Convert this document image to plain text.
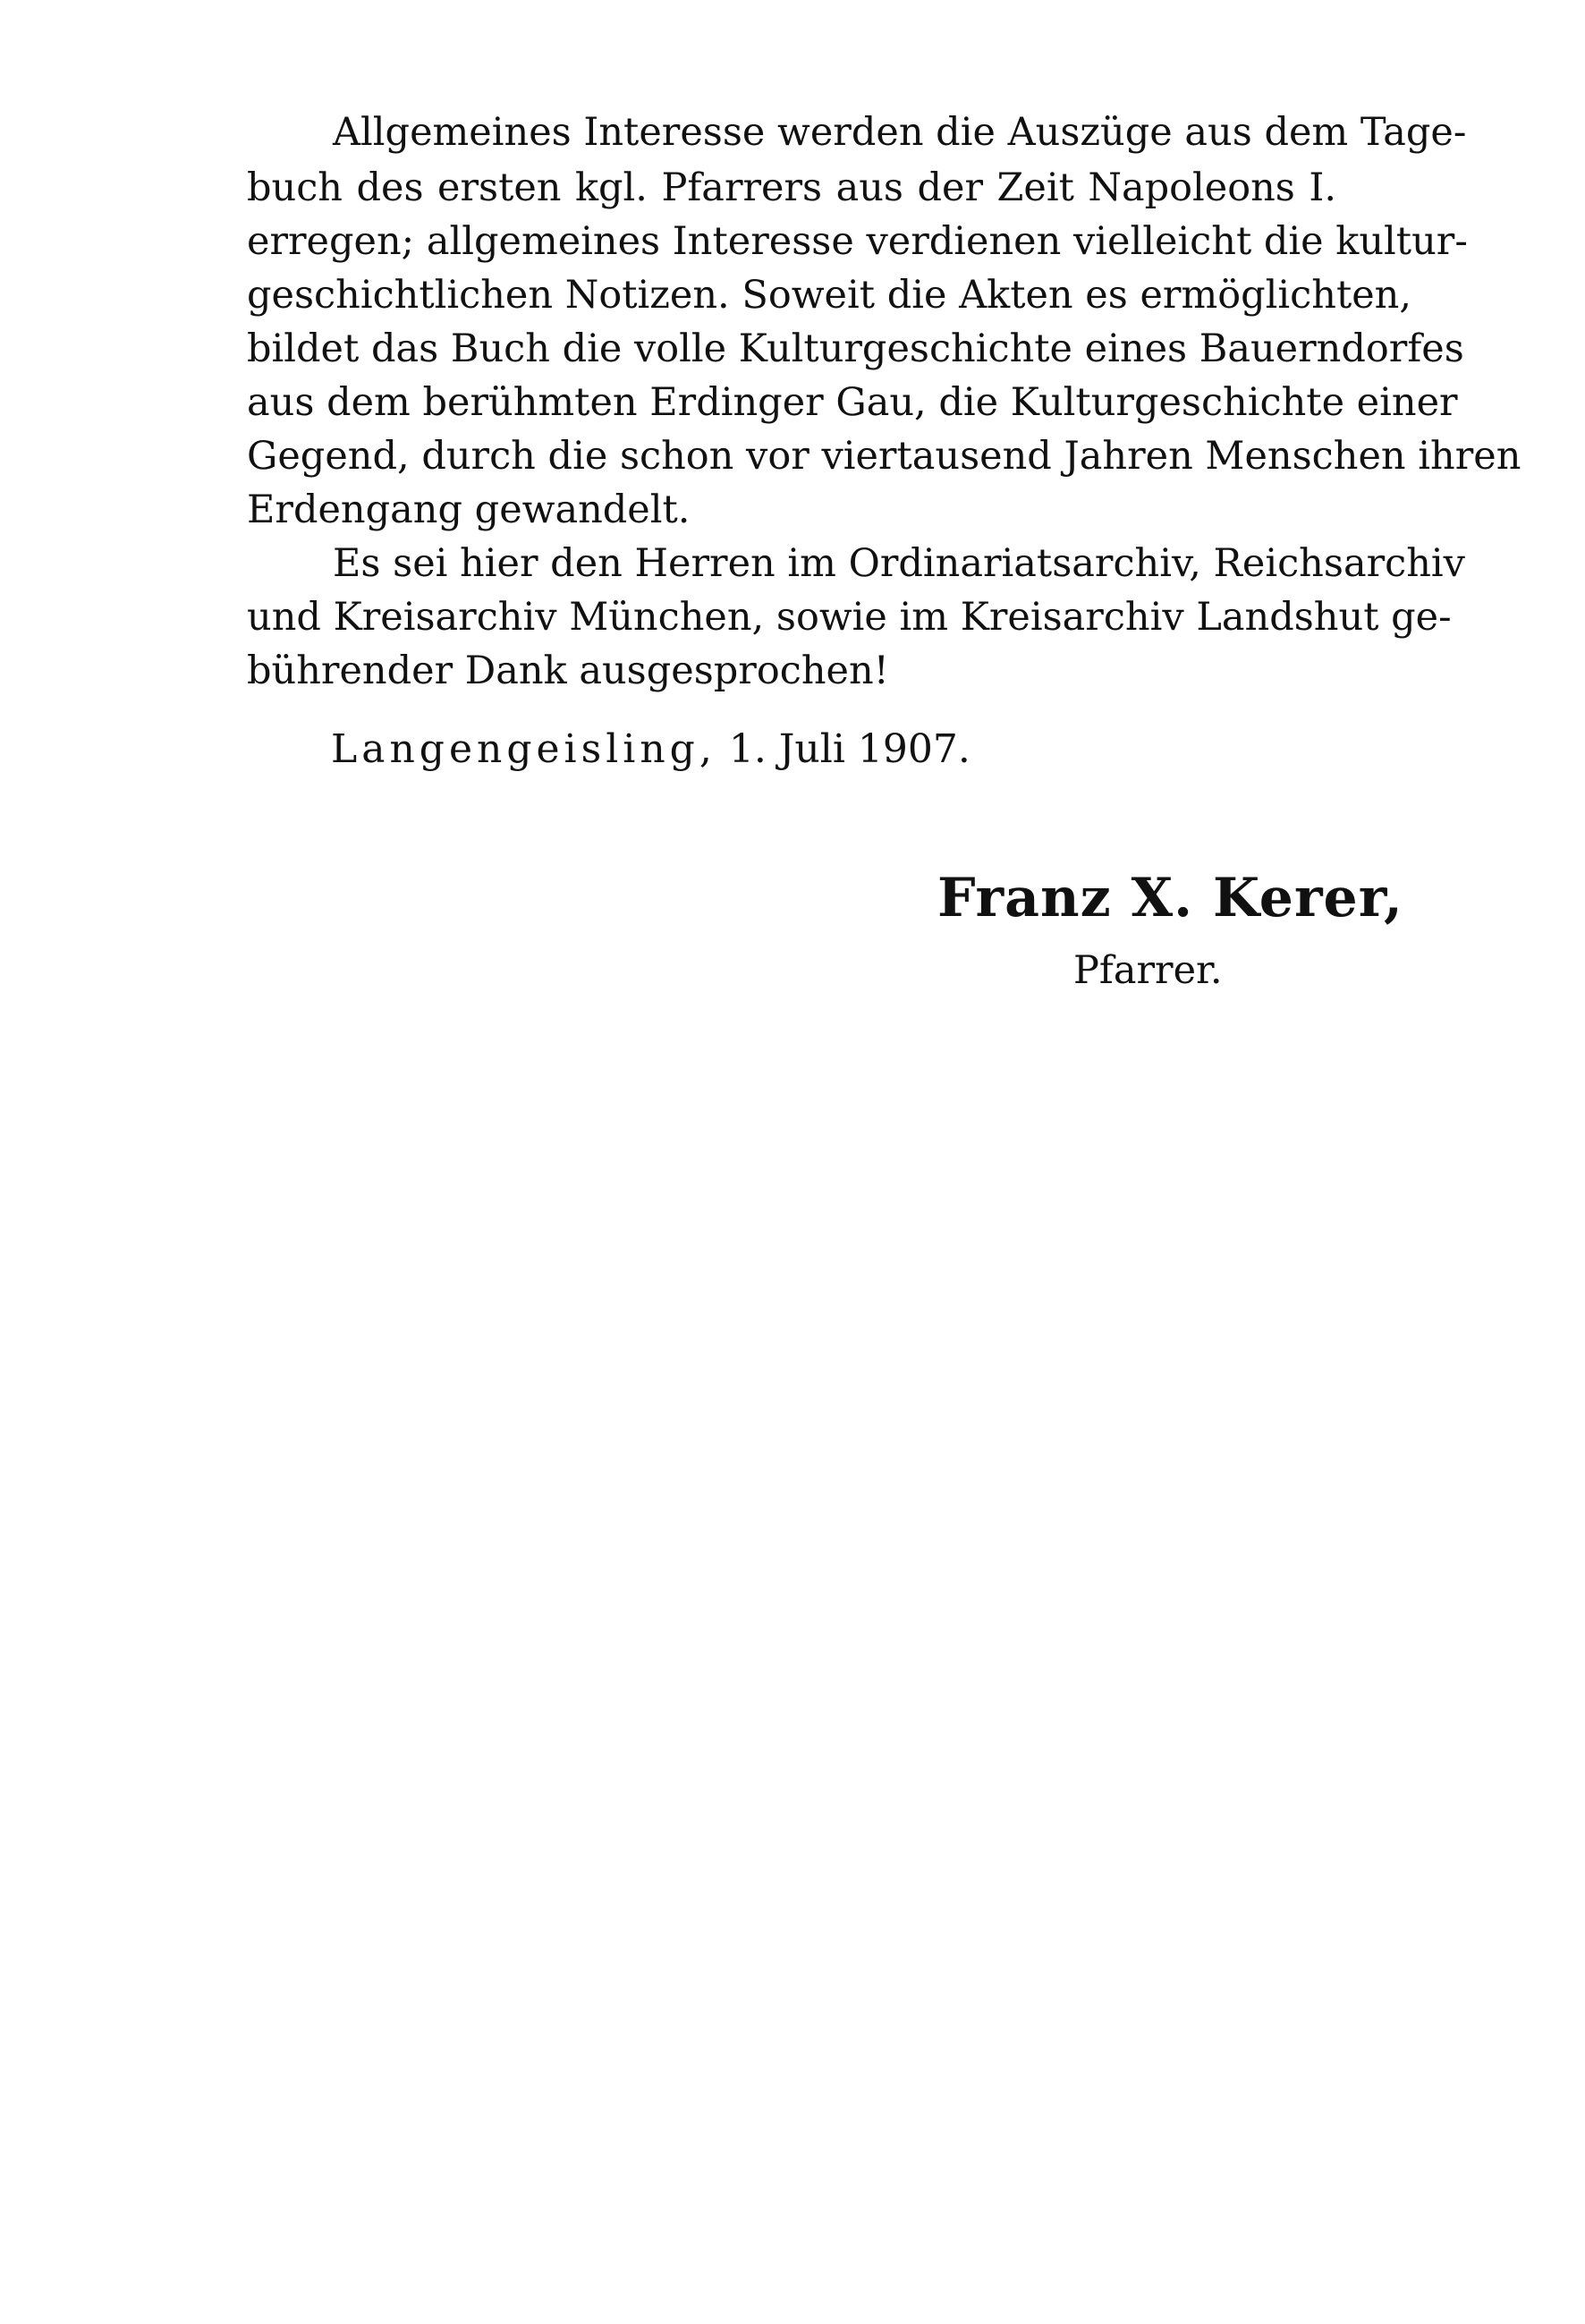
Allgemeines Interesse werden die Auszüge aus dem Tage-
buch des ersten kgl. Pfarrers aus der Zeit Napoleons I.
erregen; allgemeines Interesse verdienen vielleicht die kultur-
geschichtlichen Notizen. Soweit die Akten es ermöglichten,
bildet das Buch die volle Kulturgeschichte eines Bauerndorfes
aus dem berühmten Erdinger Gau, die Kulturgeschichte einer
Gegend, durch die schon vor viertausend Jahren Menschen ihren
Erdengang gewandelt.
Es sei hier den Herren im Ordinariatsarchiv, Reichsarchiv
und Kreisarchiv München, sowie im Kreisarchiv Landshut ge-
bührender Dank ausgesprochen!
Langengeisling, 1. Juli 1907.
Franz X. Kerer,
Pfarrer.
